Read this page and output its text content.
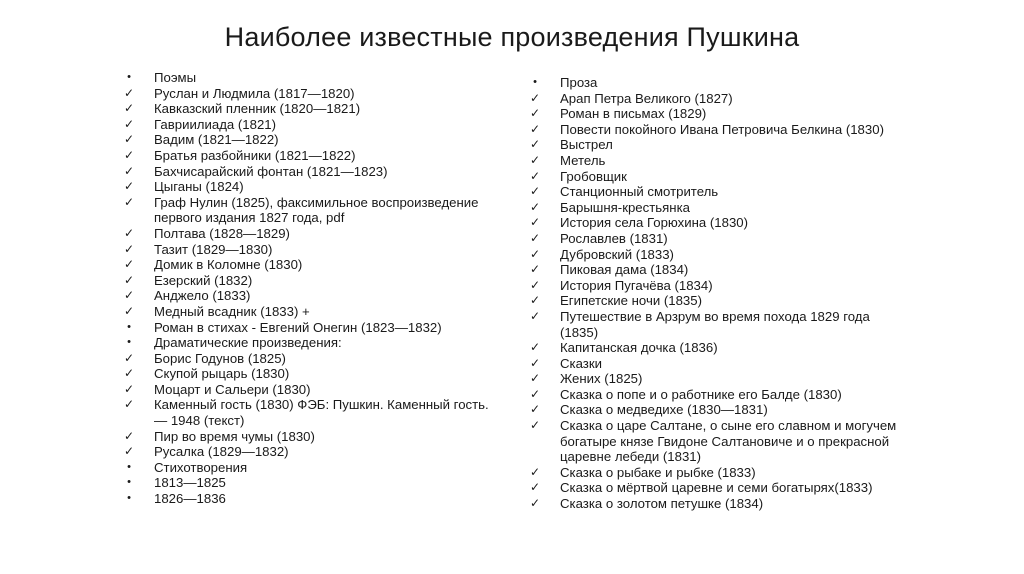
Наиболее известные произведения Пушкина
•	Поэмы
✓ Руслан и Людмила (1817—1820)
✓ Кавказский пленник (1820—1821)
✓ Гавриилиада (1821)
✓ Вадим (1821—1822)
✓ Братья разбойники (1821—1822)
✓ Бахчисарайский фонтан (1821—1823)
✓ Цыганы (1824)
✓ Граф Нулин (1825), факсимильное воспроизведение первого издания 1827 года, pdf
✓ Полтава (1828—1829)
✓ Тазит (1829—1830)
✓ Домик в Коломне (1830)
✓ Езерский (1832)
✓ Анджело (1833)
✓ Медный всадник (1833) +
•	Роман в стихах - Евгений Онегин (1823—1832)
•	Драматические произведения:
✓ Борис Годунов (1825)
✓ Скупой рыцарь (1830)
✓ Моцарт и Сальери (1830)
✓ Каменный гость (1830) ФЭБ: Пушкин. Каменный гость. — 1948 (текст)
✓ Пир во время чумы (1830)
✓ Русалка (1829—1832)
•	Стихотворения
•	1813—1825
•	1826—1836
•	Проза
✓ Арап Петра Великого (1827)
✓ Роман в письмах (1829)
✓ Повести покойного Ивана Петровича Белкина (1830)
✓ Выстрел
✓ Метель
✓ Гробовщик
✓ Станционный смотритель
✓ Барышня-крестьянка
✓ История села Горюхина (1830)
✓ Рославлев (1831)
✓ Дубровский (1833)
✓ Пиковая дама (1834)
✓ История Пугачёва (1834)
✓ Египетские ночи (1835)
✓ Путешествие в Арзрум во время похода 1829 года (1835)
✓ Капитанская дочка (1836)
✓ Сказки
✓ Жених (1825)
✓ Сказка о попе и о работнике его Балде (1830)
✓ Сказка о медведихе (1830—1831)
✓ Сказка о царе Салтане, о сыне его славном и могучем богатыре князе Гвидоне Салтановиче и о прекрасной царевне лебеди (1831)
✓ Сказка о рыбаке и рыбке (1833)
✓ Сказка о мёртвой царевне и семи богатырях(1833)
✓ Сказка о золотом петушке (1834)
